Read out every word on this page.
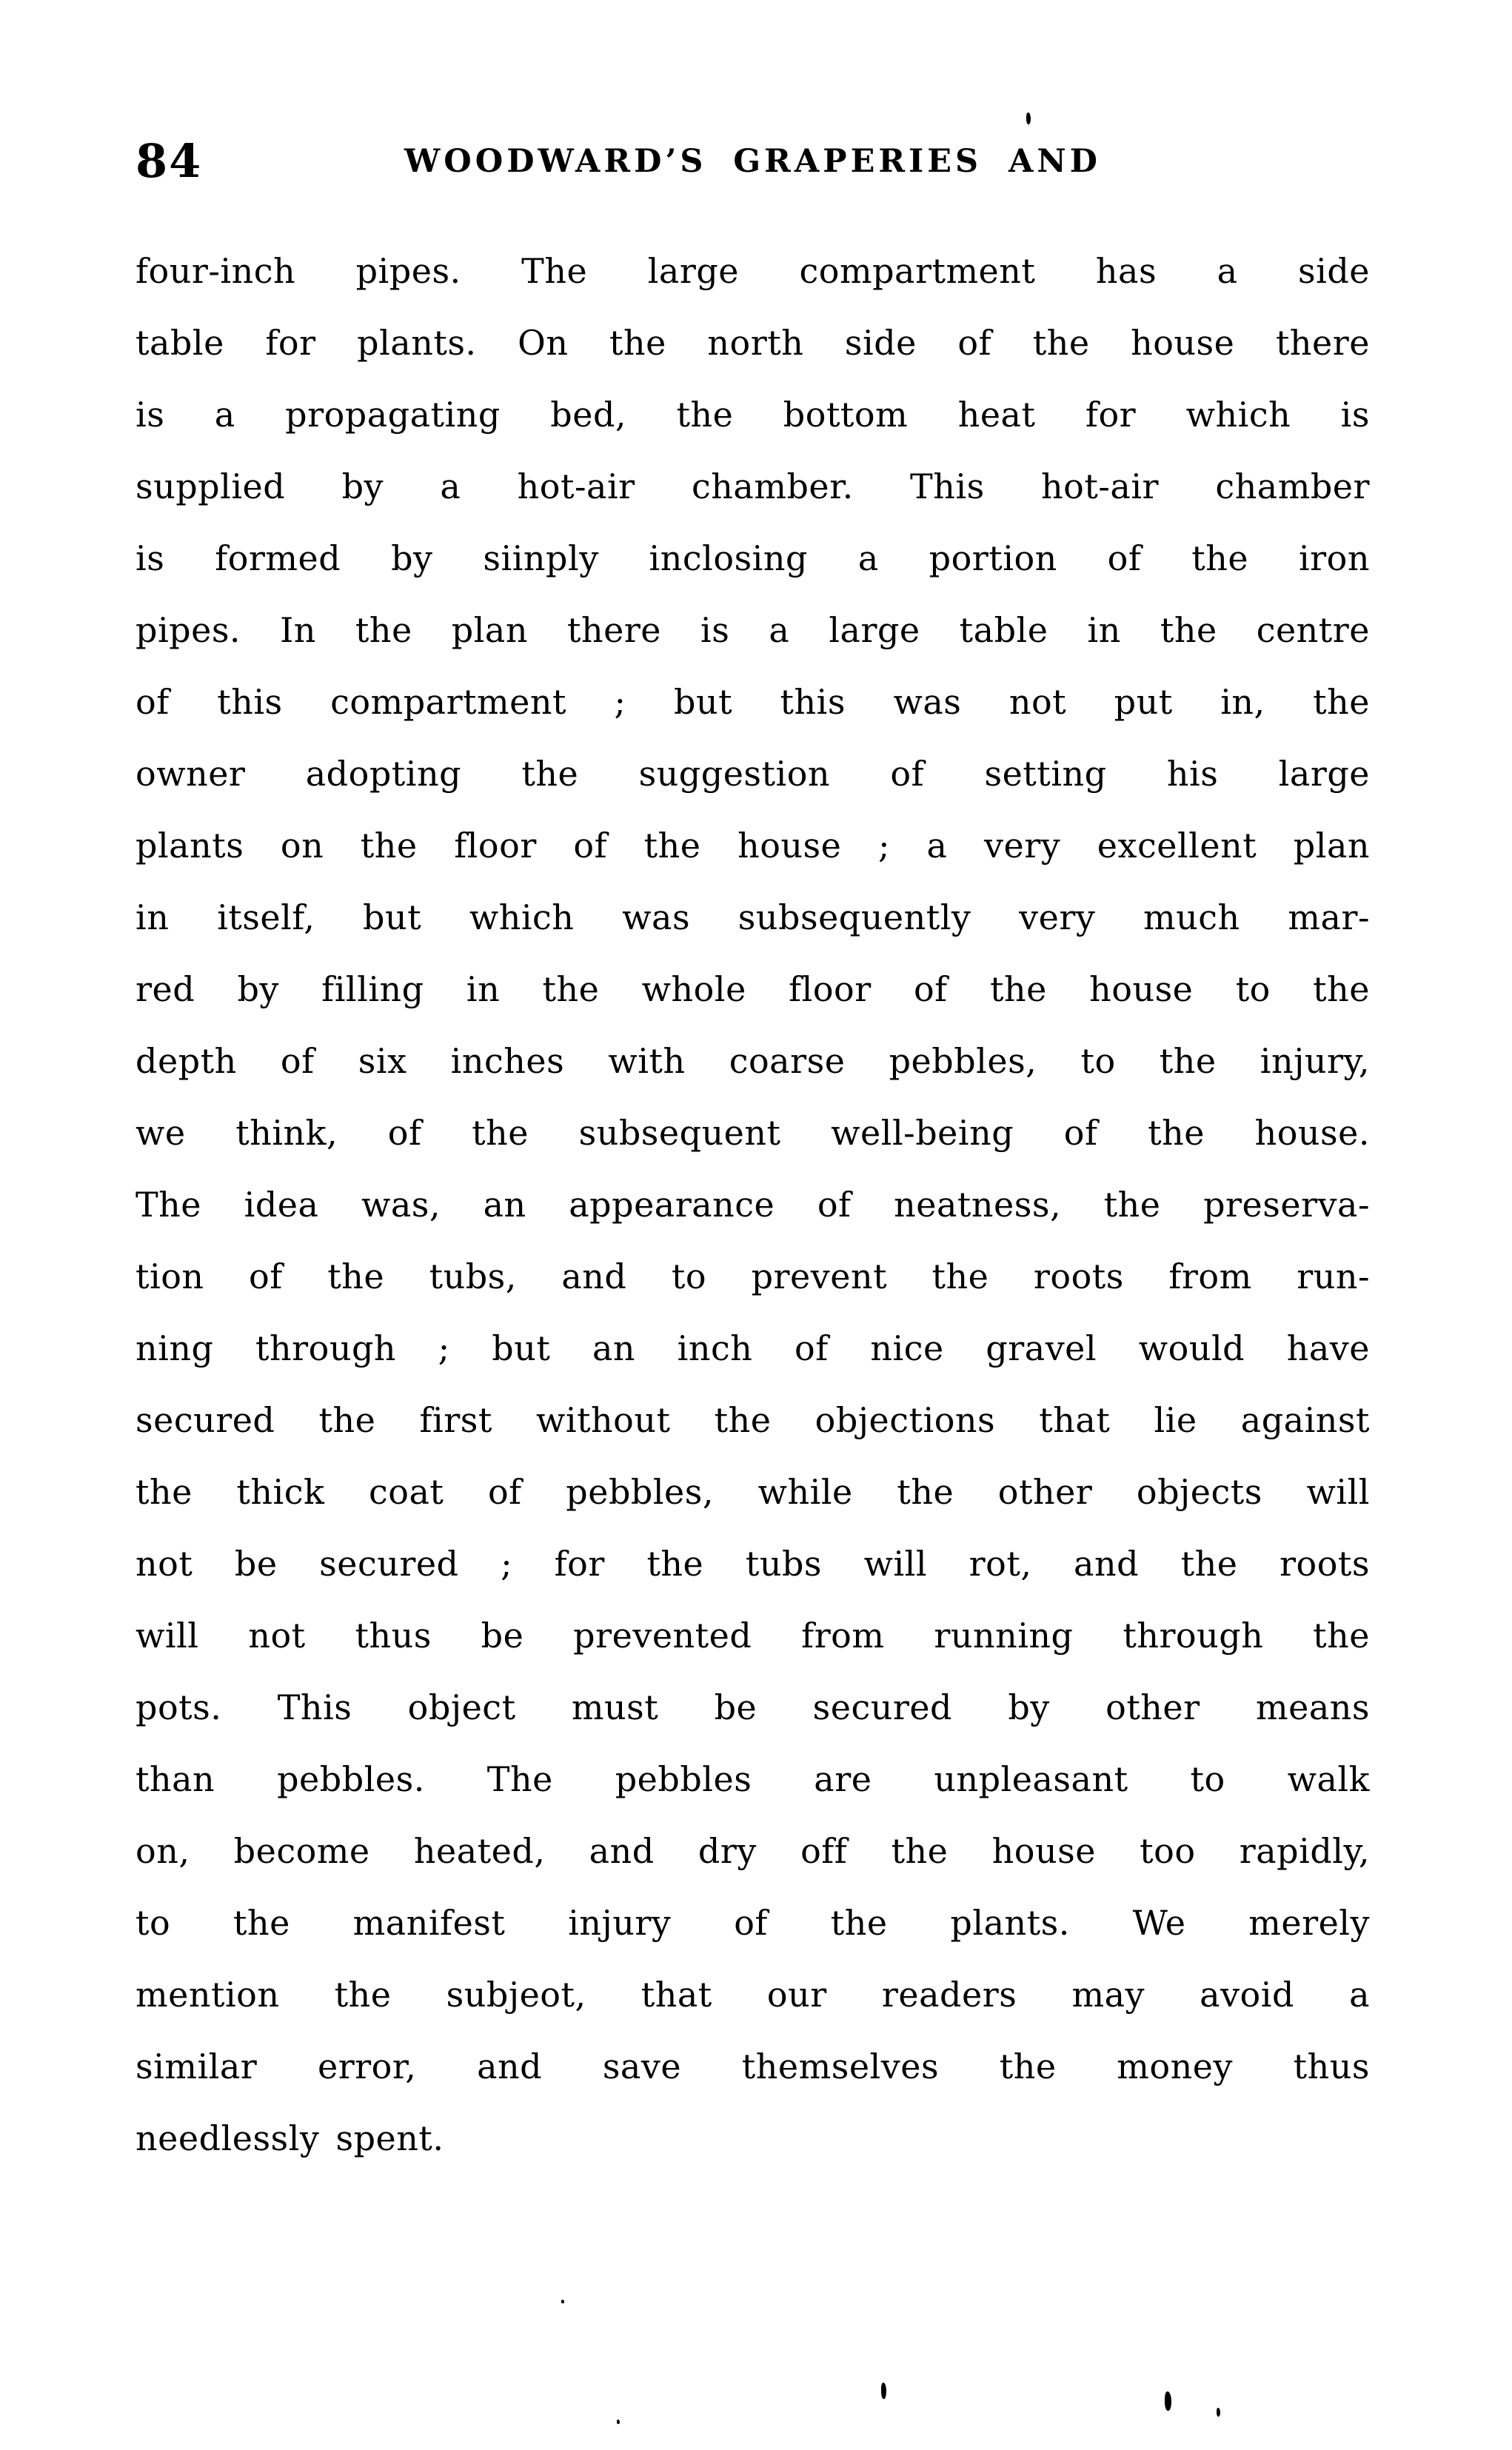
84	WOODWARD’S GRAPERIES AND
four-inch pipes. The large compartment has a side
table for plants. On the north side of the house there
is a propagating bed, the bottom heat for which is
supplied by a hot-air chamber. This hot-air chamber
is formed by siinply inclosing a portion of the iron
pipes. In the plan there is a large table in the centre
of this compartment ; but this was not put in, the
owner adopting the suggestion of setting his large
plants on the floor of the house ; a very excellent plan
in itself, but which was subsequently very much mar-
red by filling in the whole floor of the house to the
depth of six inches with coarse pebbles, to the injury,
we think, of the subsequent well-being of the house.
The idea was, an appearance of neatness, the preserva-
tion of the tubs, and to prevent the roots from run-
ning through ; but an inch of nice gravel would have
secured the first without the objections that lie against
the thick coat of pebbles, while the other objects will
not be secured ; for the tubs will rot, and the roots
will not thus be prevented from running through the
pots. This object must be secured by other means
than pebbles. The pebbles are unpleasant to walk
on, become heated, and dry off the house too rapidly,
to the manifest injury of the plants. We merely
mention the subjeot, that our readers may avoid a
similar error, and save themselves the money thus
needlessly spent.
